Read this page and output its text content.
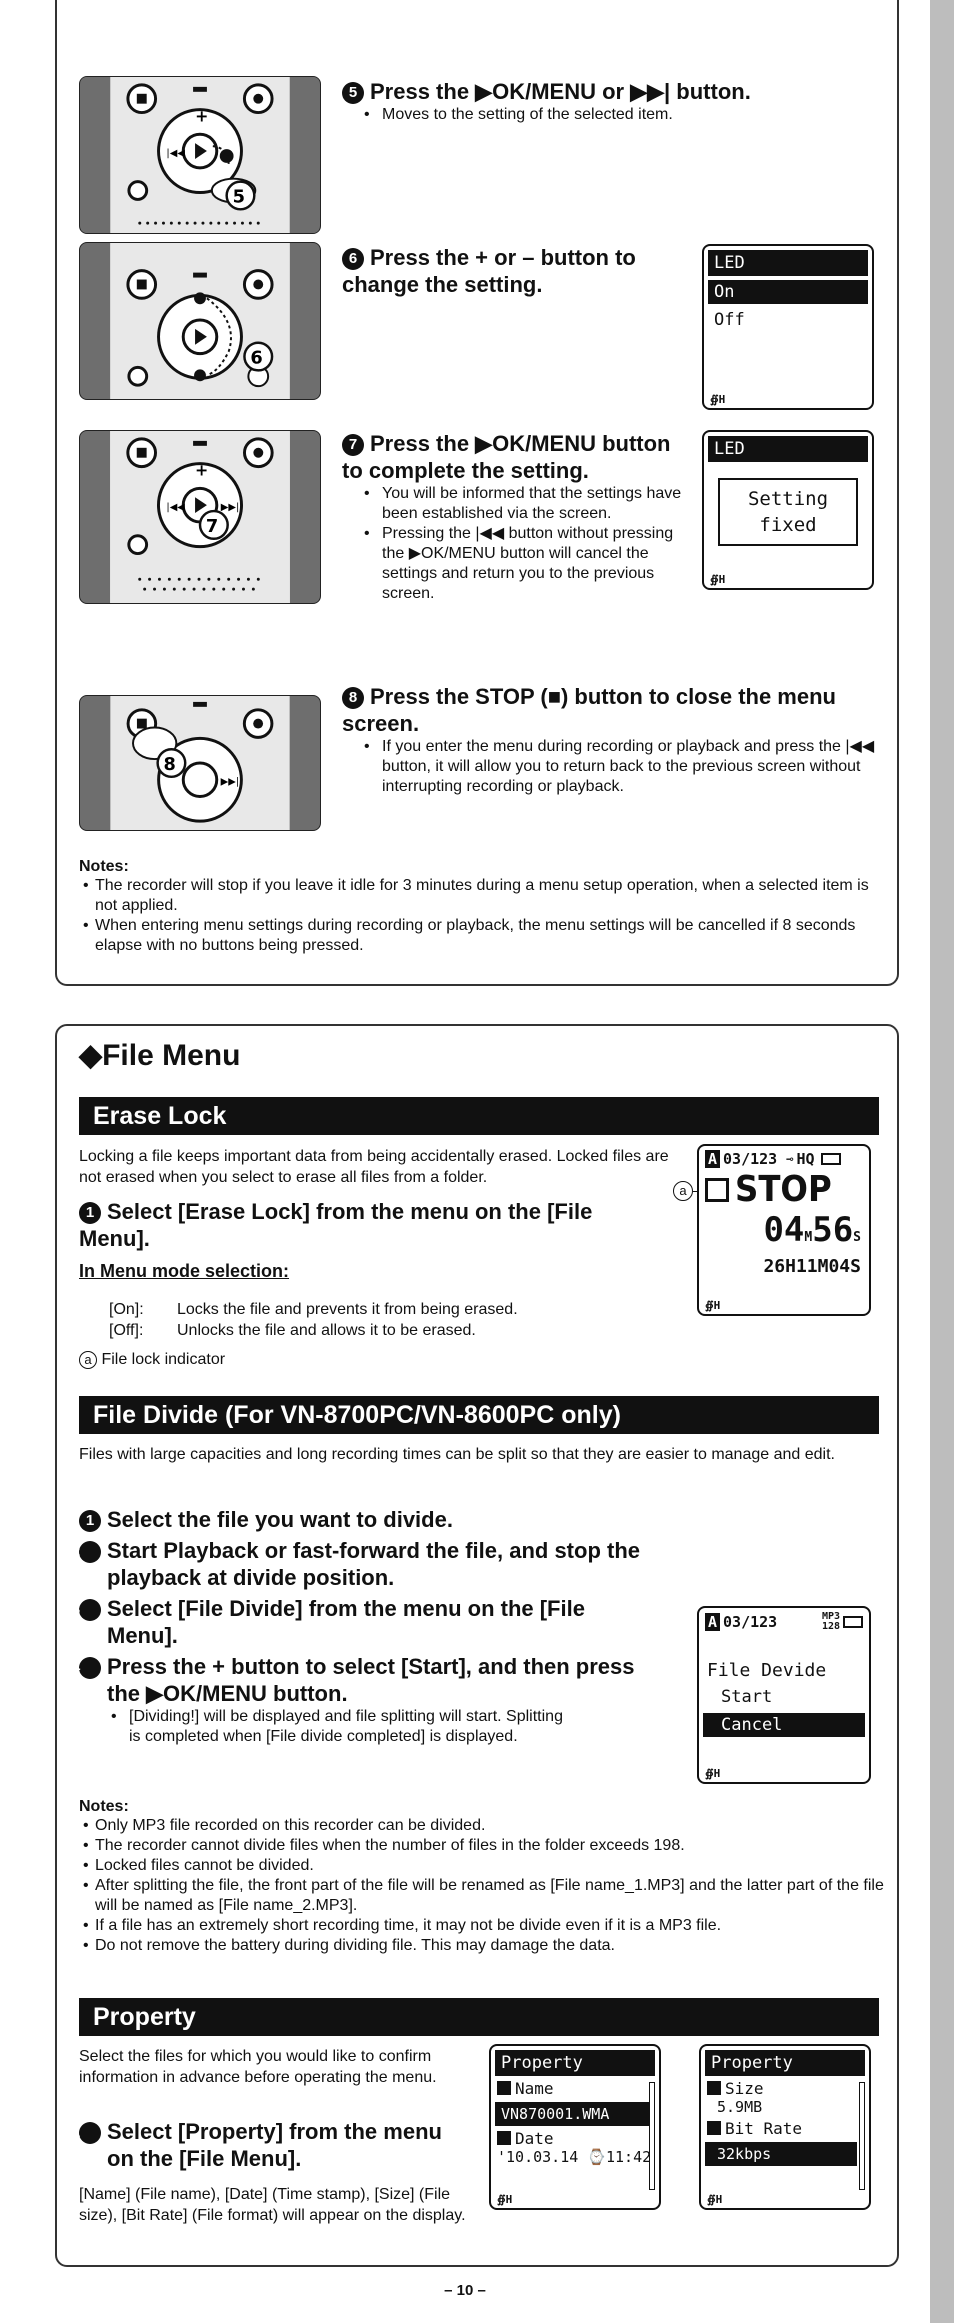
+
|◀◀
5
5 Press the ▶OK/MENU or ▶▶| button.
• Moves to the setting of the selected item.
6
6 Press the + or – button to change the setting.
LED
On
Off
∯H
+
|◀◀	▶▶|
7
7 Press the ▶OK/MENU button to complete the setting.
• You will be informed that the settings have been established via the screen.
• Pressing the |◀◀ button without pressing the ▶OK/MENU button will cancel the settings and return you to the previous screen.
LED
Setting
fixed
∯H
▶▶|
8
8 Press the STOP (■) button to close the menu screen.
• If you enter the menu during recording or playback and press the |◀◀ button, it will allow you to return back to the previous screen without interrupting recording or playback.
Notes:
• The recorder will stop if you leave it idle for 3 minutes during a menu setup operation, when a selected item is not applied.
• When entering menu settings during recording or playback, the menu settings will be cancelled if 8 seconds elapse with no buttons being pressed.
◆File Menu
Erase Lock
Locking a file keeps important data from being accidentally erased. Locked files are not erased when you select to erase all files from a folder.
1 Select [Erase Lock] from the menu on the [File Menu].
In Menu mode selection:
[On]: Locks the file and prevents it from being erased.
[Off]: Unlocks the file and allows it to be erased.
a File lock indicator
a
A 03/123 ⊸ HQ
STOP
04M56S
26H11M04S
∯H
File Divide (For VN-8700PC/VN-8600PC only)
Files with large capacities and long recording times can be split so that they are easier to manage and edit.
1 Select the file you want to divide.
2 Start Playback or fast-forward the file, and stop the playback at divide position.
3 Select [File Divide] from the menu on the [File Menu].
4 Press the + button to select [Start], and then press the ▶OK/MENU button.
• [Dividing!] will be displayed and file splitting will start. Splitting is completed when [File divide completed] is displayed.
A 03/123	MP3
128
File Devide
Start
Cancel
∯H
Notes:
• Only MP3 file recorded on this recorder can be divided.
• The recorder cannot divide files when the number of files in the folder exceeds 198.
• Locked files cannot be divided.
• After splitting the file, the front part of the file will be renamed as [File name_1.MP3] and the latter part of the file will be named as [File name_2.MP3].
• If a file has an extremely short recording time, it may not be divide even if it is a MP3 file.
• Do not remove the battery during dividing file. This may damage the data.
Property
Select the files for which you would like to confirm information in advance before operating the menu.
1 Select [Property] from the menu on the [File Menu].
[Name] (File name), [Date] (Time stamp), [Size] (File size), [Bit Rate] (File format) will appear on the display.
Property
Name
VN870001.WMA
Date
'10.03.14 ⌚11:42
∯H
Property
Size
5.9MB
Bit Rate
32kbps
∯H
– 10 –
